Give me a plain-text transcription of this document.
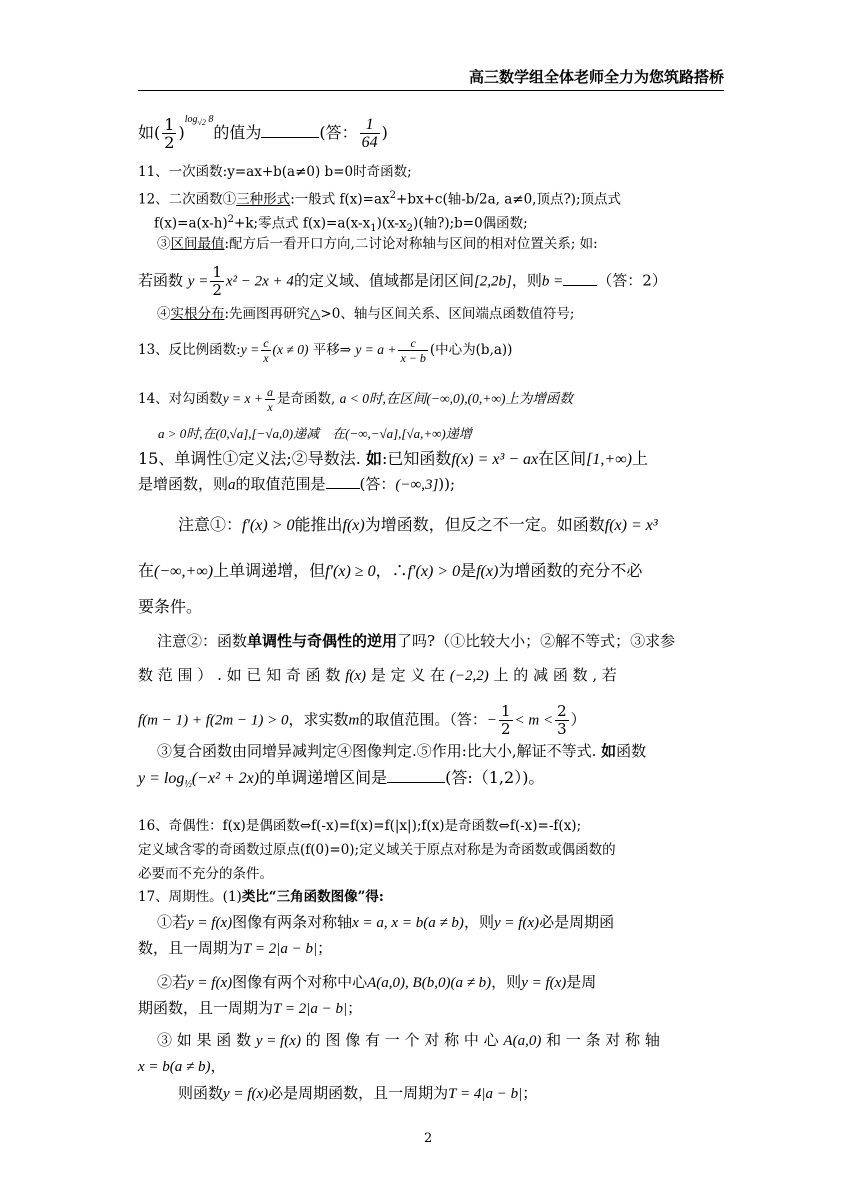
高三数学组全体老师全力为您筑路搭桥
如( $\frac{1}{2} )^{log_{√2} 8}$的值为	(答： $\frac{1}{64}$ )
11、一次函数:y=ax+b(a≠0) b=0时奇函数;
12、二次函数①三种形式:一般式 $f(x)=ax^2+bx+c$(轴-b/2a, a≠0,顶点?);顶点式
$f(x)=a(x-h)^2+k$;零点式 $f(x)=a(x-x_1)(x-x_2)$(轴?);b=0偶函数;
③区间最值:配方后一看开口方向,二讨论对称轴与区间的相对位置关系; 如:
若函数 $y = \frac{1}{2} x^2 - 2x + 4$的定义域、值域都是闭区间[2,2b]，则b = （答：2）
④实根分布:先画图再研究△>0、轴与区间关系、区间端点函数值符号;
13、反比例函数:y = $\frac{c}{x} (x \ne 0)$ 平移⇒ $y = a + \frac{c}{x - b}$ (中心为(b,a))
14、对勾函数$y = x + \frac{a}{x}$ 是奇函数, a < 0时,在区间(−∞,0),(0,+∞)上为增函数
a > 0时,在(0,√a],[−√a,0)递减　在(−∞,−√a],[√a,+∞)递增
15、单调性①定义法;②导数法. 如:已知函数f(x) = x³ − ax在区间[1,+∞)上
是增函数，则a的取值范围是 (答：(−∞,3]));
注意①：f′(x) > 0能推出f(x)为增函数，但反之不一定。如函数f(x) = x³
在(−∞,+∞)上单调递增，但f′(x) ≥ 0，∴f′(x) > 0是f(x)为增函数的充分不必
要条件。
注意②：函数单调性与奇偶性的逆用了吗?（①比较大小；②解不等式；③求参
数 范 围 ） . 如 已 知 奇 函 数 f(x) 是 定 义 在 (−2,2) 上 的 减 函 数 , 若
f(m − 1) + f(2m − 1) > 0，求实数m的取值范围。（答：− $\frac{1}{2} < m < \frac{2}{3}$ ）
③复合函数由同增异减判定④图像判定.⑤作用:比大小,解证不等式. 如函数
$y = \log_{\frac{1}{2}}(-x^2 + 2x)$的单调递增区间是	(答:（1,2）)。
16、奇偶性：f(x)是偶函数⇔f(-x)=f(x)=f(|x|);f(x)是奇函数⇔f(-x)=-f(x);
定义域含零的奇函数过原点(f(0)=0);定义域关于原点对称是为奇函数或偶函数的
必要而不充分的条件。
17、周期性。(1)类比“三角函数图像”得:
①若y = f(x)图像有两条对称轴x = a, x = b(a ≠ b)，则y = f(x)必是周期函
数，且一周期为T = 2|a − b|；
②若y = f(x)图像有两个对称中心A(a,0), B(b,0)(a ≠ b)，则y = f(x)是周
期函数，且一周期为T = 2|a − b|；
③ 如 果 函 数 y = f(x) 的 图 像 有 一 个 对 称 中 心 A(a,0) 和 一 条 对 称 轴
x = b(a ≠ b)，
则函数y = f(x)必是周期函数，且一周期为T = 4|a − b|；
2
